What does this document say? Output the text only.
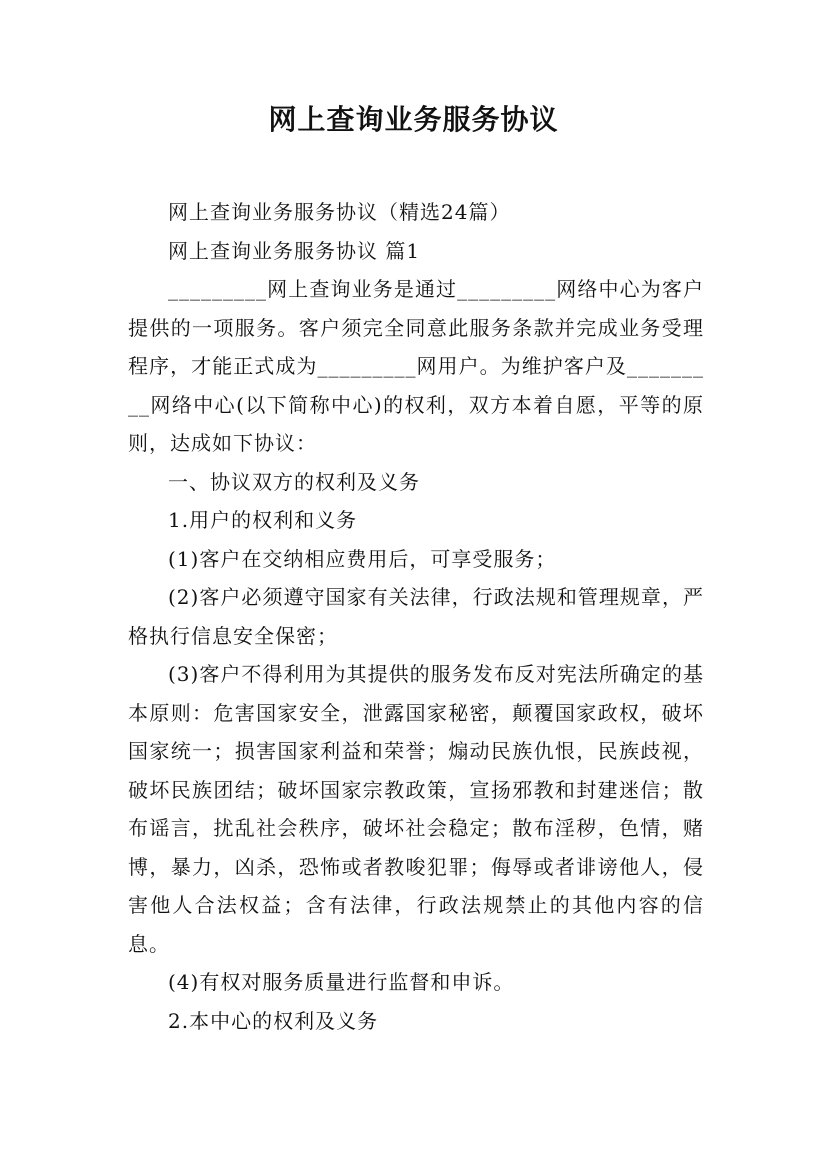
网上查询业务服务协议

网上查询业务服务协议（精选24篇）

网上查询业务服务协议 篇1

_________网上查询业务是通过_________网络中心为客户提供的一项服务。客户须完全同意此服务条款并完成业务受理程序，才能正式成为_________网用户。为维护客户及_________网络中心(以下简称中心)的权利，双方本着自愿，平等的原则，达成如下协议：

一、协议双方的权利及义务

1.用户的权利和义务

(1)客户在交纳相应费用后，可享受服务；

(2)客户必须遵守国家有关法律，行政法规和管理规章，严格执行信息安全保密；

(3)客户不得利用为其提供的服务发布反对宪法所确定的基本原则：危害国家安全，泄露国家秘密，颠覆国家政权，破坏国家统一；损害国家利益和荣誉；煽动民族仇恨，民族歧视，破坏民族团结；破坏国家宗教政策，宣扬邪教和封建迷信；散布谣言，扰乱社会秩序，破坏社会稳定；散布淫秽，色情，赌博，暴力，凶杀，恐怖或者教唆犯罪；侮辱或者诽谤他人，侵害他人合法权益；含有法律，行政法规禁止的其他内容的信息。

(4)有权对服务质量进行监督和申诉。

2.本中心的权利及义务
